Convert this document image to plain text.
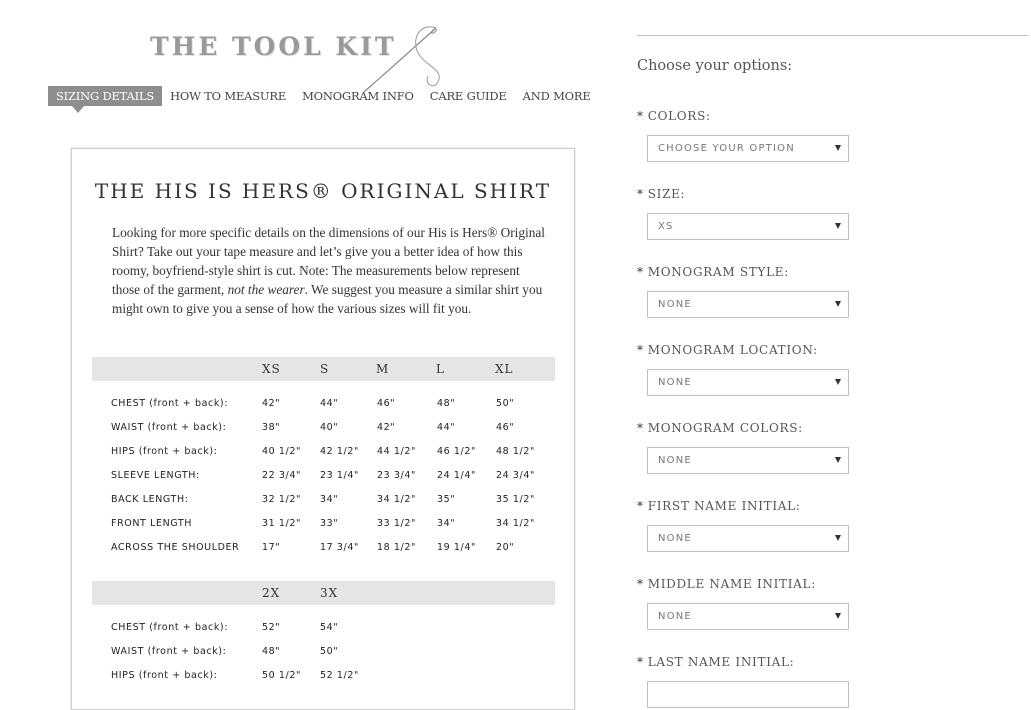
THE TOOL KIT
SIZING DETAILS	HOW TO MEASURE	MONOGRAM INFO	CARE GUIDE	AND MORE
THE HIS IS HERS® ORIGINAL SHIRT
Looking for more specific details on the dimensions of our His is Hers® Original Shirt? Take out your tape measure and let’s give you a better idea of how this roomy, boyfriend-style shirt is cut. Note: The measurements below represent those of the garment, not the wearer. We suggest you measure a similar shirt you might own to give you a sense of how the various sizes will fit you.
XS	S	M	L	XL
CHEST (front + back):	42"	44"	46"	48"	50"
WAIST (front + back):	38"	40"	42"	44"	46"
HIPS (front + back):	40 1/2" 42 1/2" 44 1/2" 46 1/2" 48 1/2"
SLEEVE LENGTH:	22 3/4" 23 1/4" 23 3/4" 24 1/4" 24 3/4"
BACK LENGTH:	32 1/2" 34"	34 1/2" 35"	35 1/2"
FRONT LENGTH	31 1/2" 33"	33 1/2" 34"	34 1/2"
ACROSS THE SHOULDER 17"	17 3/4" 18 1/2" 19 1/4" 20"
2X	3X
CHEST (front + back):	52"	54"
WAIST (front + back):	48"	50"
HIPS (front + back):	50 1/2" 52 1/2"
Choose your options:
* COLORS:
CHOOSE YOUR OPTION
* SIZE:
XS
* MONOGRAM STYLE:
NONE
* MONOGRAM LOCATION:
NONE
* MONOGRAM COLORS:
NONE
* FIRST NAME INITIAL:
NONE
* MIDDLE NAME INITIAL:
NONE
* LAST NAME INITIAL:
